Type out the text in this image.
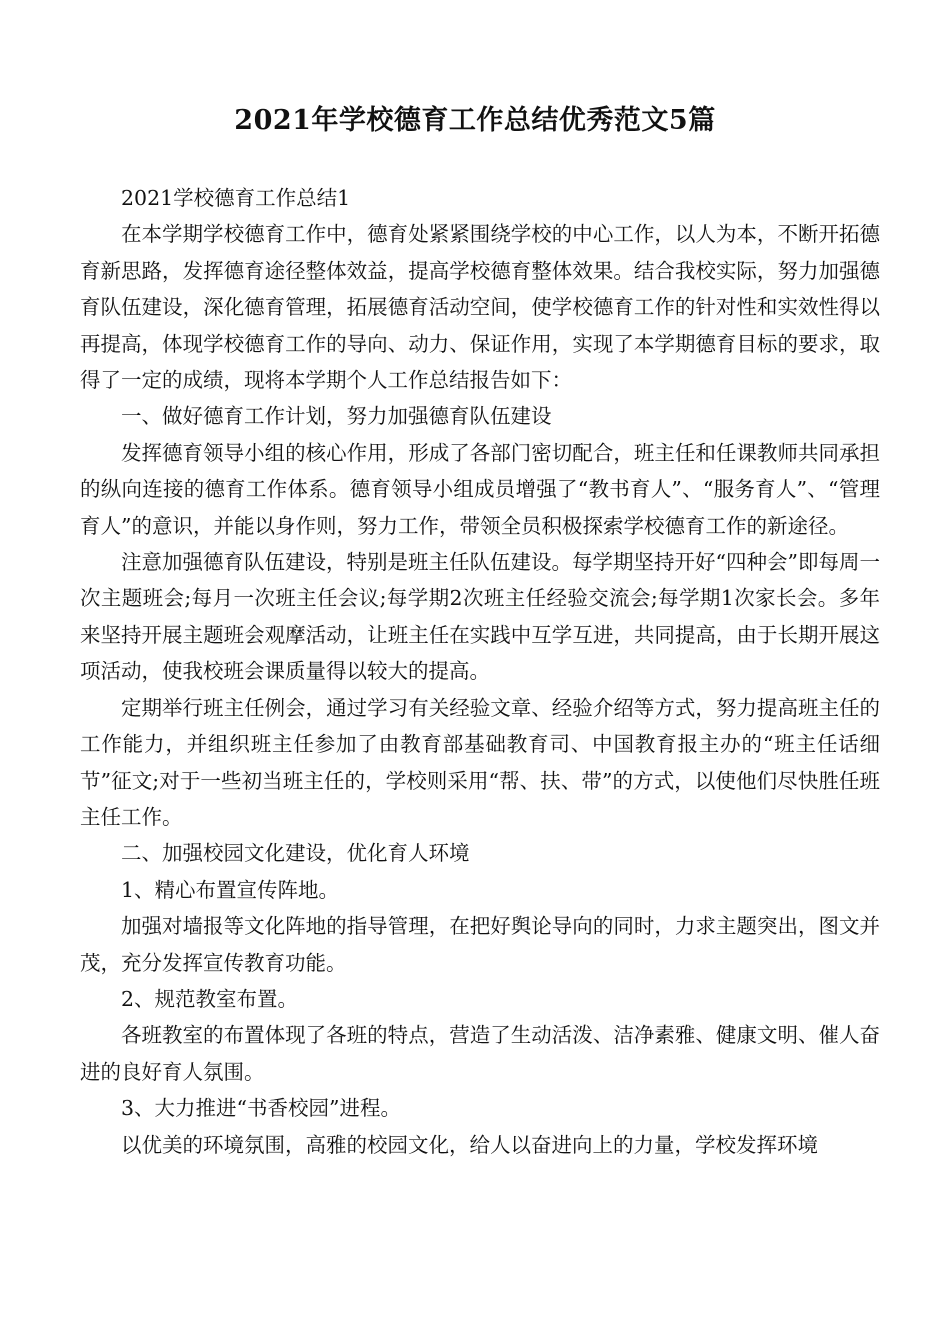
2021年学校德育工作总结优秀范文5篇

2021学校德育工作总结1

在本学期学校德育工作中，德育处紧紧围绕学校的中心工作，以人为本，不断开拓德育新思路，发挥德育途径整体效益，提高学校德育整体效果。结合我校实际，努力加强德育队伍建设，深化德育管理，拓展德育活动空间，使学校德育工作的针对性和实效性得以再提高，体现学校德育工作的导向、动力、保证作用，实现了本学期德育目标的要求，取得了一定的成绩，现将本学期个人工作总结报告如下：

一、做好德育工作计划，努力加强德育队伍建设

发挥德育领导小组的核心作用，形成了各部门密切配合，班主任和任课教师共同承担的纵向连接的德育工作体系。德育领导小组成员增强了“教书育人”、“服务育人”、“管理育人”的意识，并能以身作则，努力工作，带领全员积极探索学校德育工作的新途径。

注意加强德育队伍建设，特别是班主任队伍建设。每学期坚持开好“四种会”即每周一次主题班会;每月一次班主任会议;每学期2次班主任经验交流会;每学期1次家长会。多年来坚持开展主题班会观摩活动，让班主任在实践中互学互进，共同提高，由于长期开展这项活动，使我校班会课质量得以较大的提高。

定期举行班主任例会，通过学习有关经验文章、经验介绍等方式，努力提高班主任的工作能力，并组织班主任参加了由教育部基础教育司、中国教育报主办的“班主任话细节”征文;对于一些初当班主任的，学校则采用“帮、扶、带”的方式，以使他们尽快胜任班主任工作。

二、加强校园文化建设，优化育人环境

1、精心布置宣传阵地。

加强对墙报等文化阵地的指导管理，在把好舆论导向的同时，力求主题突出，图文并茂，充分发挥宣传教育功能。

2、规范教室布置。

各班教室的布置体现了各班的特点，营造了生动活泼、洁净素雅、健康文明、催人奋进的良好育人氛围。

3、大力推进“书香校园”进程。

以优美的环境氛围，高雅的校园文化，给人以奋进向上的力量，学校发挥环境
